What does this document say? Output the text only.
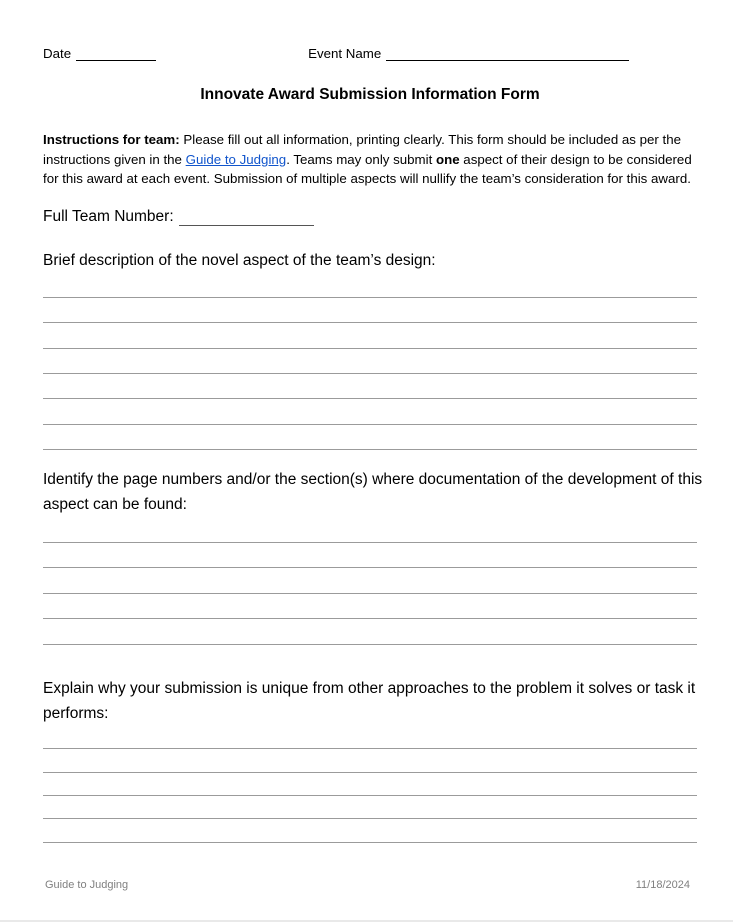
Date	Event Name
Innovate Award Submission Information Form
Instructions for team: Please fill out all information, printing clearly. This form should be included as per the instructions given in the Guide to Judging. Teams may only submit one aspect of their design to be considered for this award at each event. Submission of multiple aspects will nullify the team’s consideration for this award.
Full Team Number:
Brief description of the novel aspect of the team’s design:
Identify the page numbers and/or the section(s) where documentation of the development of this aspect can be found:
Explain why your submission is unique from other approaches to the problem it solves or task it performs:
Guide to Judging	11/18/2024
